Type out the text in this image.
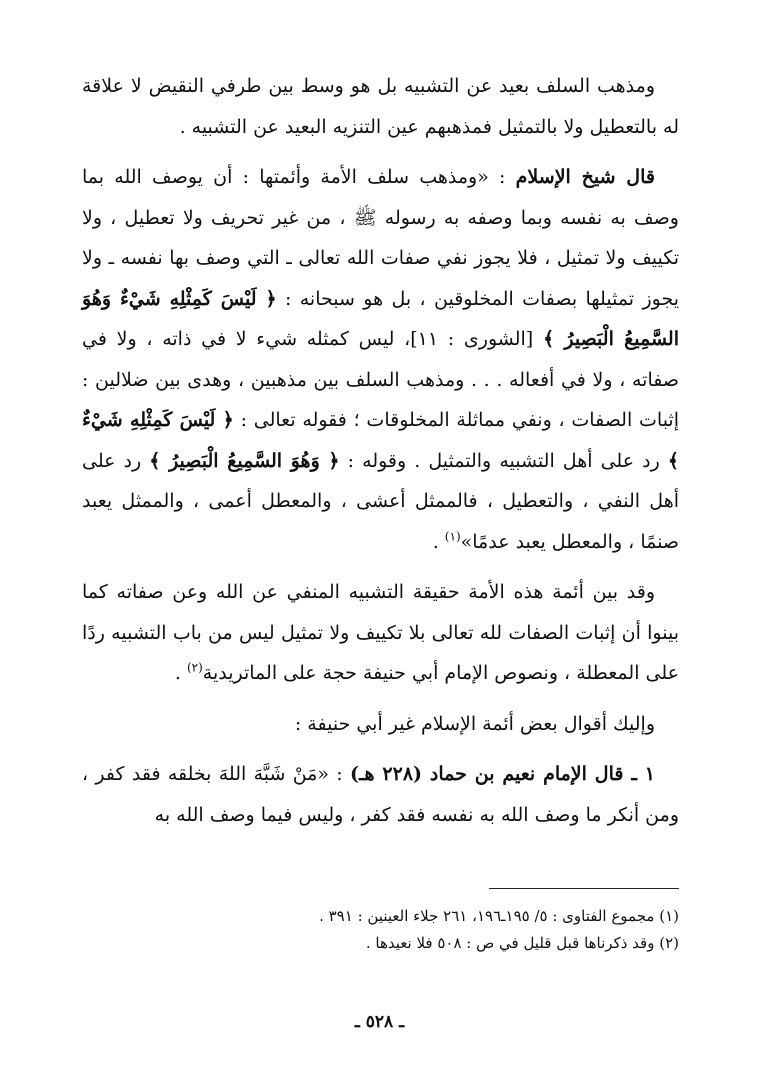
ومذهب السلف بعيد عن التشبيه بل هو وسط بين طرفي النقيض لا علاقة له بالتعطيل ولا بالتمثيل فمذهبهم عين التنزيه البعيد عن التشبيه .

قال شيخ الإسلام : «ومذهب سلف الأمة وأئمتها : أن يوصف الله بما وصف به نفسه وبما وصفه به رسوله ﷺ ، من غير تحريف ولا تعطيل ، ولا تكييف ولا تمثيل ، فلا يجوز نفي صفات الله تعالى ـ التي وصف بها نفسه ـ ولا يجوز تمثيلها بصفات المخلوقين ، بل هو سبحانه : ﴿ لَيْسَ كَمِثْلِهِ شَيْءٌ وَهُوَ السَّمِيعُ الْبَصِيرُ ﴾ [الشورى : ١١]، ليس كمثله شيء لا في ذاته ، ولا في صفاته ، ولا في أفعاله . . . ومذهب السلف بين مذهبين ، وهدى بين ضلالين : إثبات الصفات ، ونفي مماثلة المخلوقات ؛ فقوله تعالى : ﴿ لَيْسَ كَمِثْلِهِ شَيْءٌ ﴾ رد على أهل التشبيه والتمثيل . وقوله : ﴿ وَهُوَ السَّمِيعُ الْبَصِيرُ ﴾ رد على أهل النفي ، والتعطيل ، فالممثل أعشى ، والمعطل أعمى ، والممثل يعبد صنمًا ، والمعطل يعبد عدمًا»$^{(١)}$ .

وقد بين أئمة هذه الأمة حقيقة التشبيه المنفي عن الله وعن صفاته كما بينوا أن إثبات الصفات لله تعالى بلا تكييف ولا تمثيل ليس من باب التشبيه ردًا على المعطلة ، ونصوص الإمام أبي حنيفة حجة على الماتريدية$^{(٢)}$ .

وإليك أقوال بعض أئمة الإسلام غير أبي حنيفة :

١ ـ قال الإمام نعيم بن حماد (٢٢٨ هـ) : «مَنْ شَبَّهَ اللهَ بخلقه فقد كفر ، ومن أنكر ما وصف الله به نفسه فقد كفر ، وليس فيما وصف الله به

(١) مجموع الفتاوى : ٥/ ١٩٥ـ١٩٦، ٢٦١ جلاء العينين : ٣٩١ .

(٢) وقد ذكرناها قبل قليل في ص : ٥٠٨ فلا نعيدها .

ـ ٥٢٨ ـ
